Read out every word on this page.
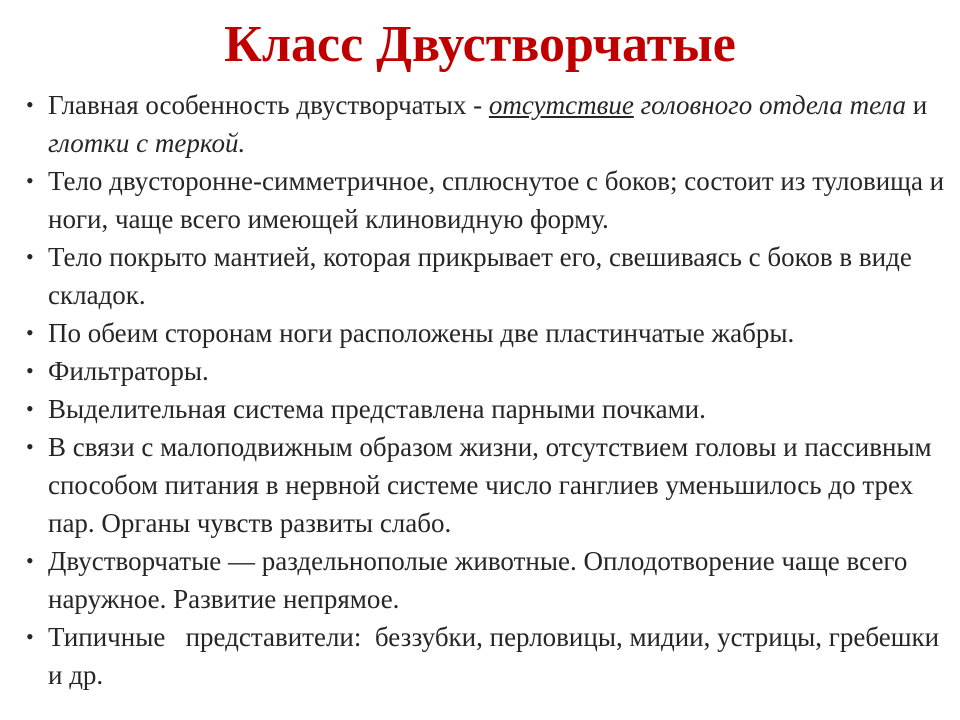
Класс Двустворчатые
• Главная особенность двустворчатых - отсутствие головного отдела тела и глотки с теркой.
• Тело двусторонне-симметричное, сплюснутое с боков; состоит из туловища и ноги, чаще всего имеющей клиновидную форму.
• Тело покрыто мантией, которая прикрывает его, свешиваясь с боков в виде складок.
• По обеим сторонам ноги расположены две пластинчатые жабры.
• Фильтраторы.
• Выделительная система представлена парными почками.
• В связи с малоподвижным образом жизни, отсутствием головы и пассивным способом питания в нервной системе число ганглиев уменьшилось до трех пар. Органы чувств развиты слабо.
• Двустворчатые — раздельнополые животные. Оплодотворение чаще всего наружное. Развитие непрямое.
• Типичные   представители:  беззубки, перловицы, мидии, устрицы, гребешки и др.
